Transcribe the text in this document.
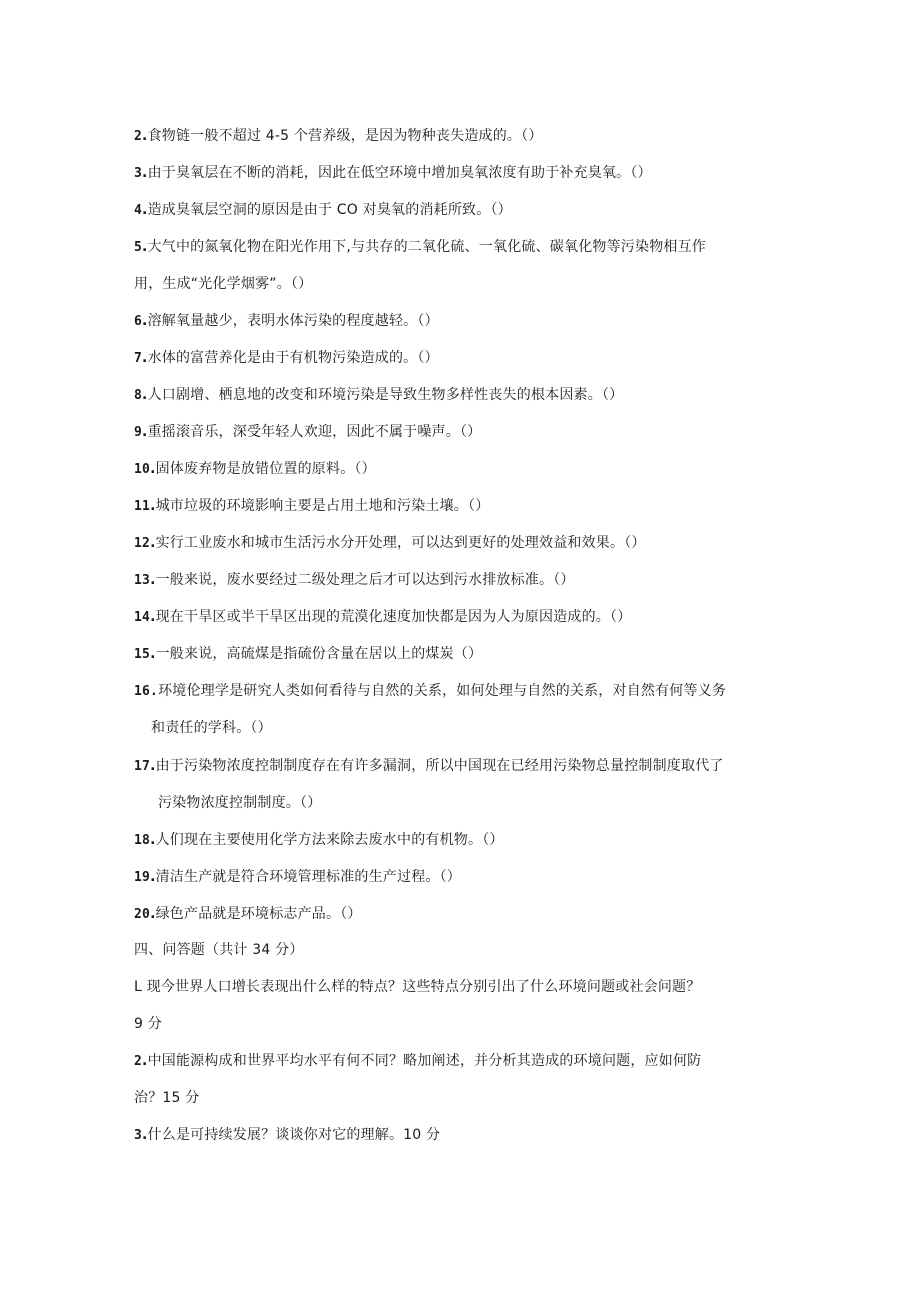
2.食物链一般不超过 4-5 个营养级，是因为物种丧失造成的。（）
3.由于臭氧层在不断的消耗，因此在低空环境中增加臭氧浓度有助于补充臭氧。（）
4.造成臭氧层空洞的原因是由于 CO 对臭氧的消耗所致。（）
5.大气中的氮氧化物在阳光作用下,与共存的二氧化硫、一氧化硫、碳氧化物等污染物相互作
用，生成“光化学烟雾”。（）
6.溶解氧量越少，表明水体污染的程度越轻。（）
7.水体的富营养化是由于有机物污染造成的。（）
8.人口剧增、栖息地的改变和环境污染是导致生物多样性丧失的根本因素。（）
9.重摇滚音乐，深受年轻人欢迎，因此不属于噪声。（）
10.固体废弃物是放错位置的原料。（）
11.城市垃圾的环境影响主要是占用土地和污染土壤。（）
12.实行工业废水和城市生活污水分开处理，可以达到更好的处理效益和效果。（）
13.一般来说，废水要经过二级处理之后才可以达到污水排放标准。（）
14.现在干旱区或半干旱区出现的荒漠化速度加快都是因为人为原因造成的。（）
15.一般来说，高硫煤是指硫份含量在居以上的煤炭（）
16.环境伦理学是研究人类如何看待与自然的关系，如何处理与自然的关系，对自然有何等义务
和责任的学科。（）
17.由于污染物浓度控制制度存在有许多漏洞，所以中国现在已经用污染物总量控制制度取代了
污染物浓度控制制度。（）
18.人们现在主要使用化学方法来除去废水中的有机物。（）
19.清洁生产就是符合环境管理标准的生产过程。（）
20.绿色产品就是环境标志产品。（）
四、问答题（共计 34 分）
L 现今世界人口增长表现出什么样的特点？这些特点分别引出了什么环境问题或社会问题？
9 分
2.中国能源构成和世界平均水平有何不同？略加阐述，并分析其造成的环境问题，应如何防
治？15 分
3.什么是可持续发展？谈谈你对它的理解。10 分
